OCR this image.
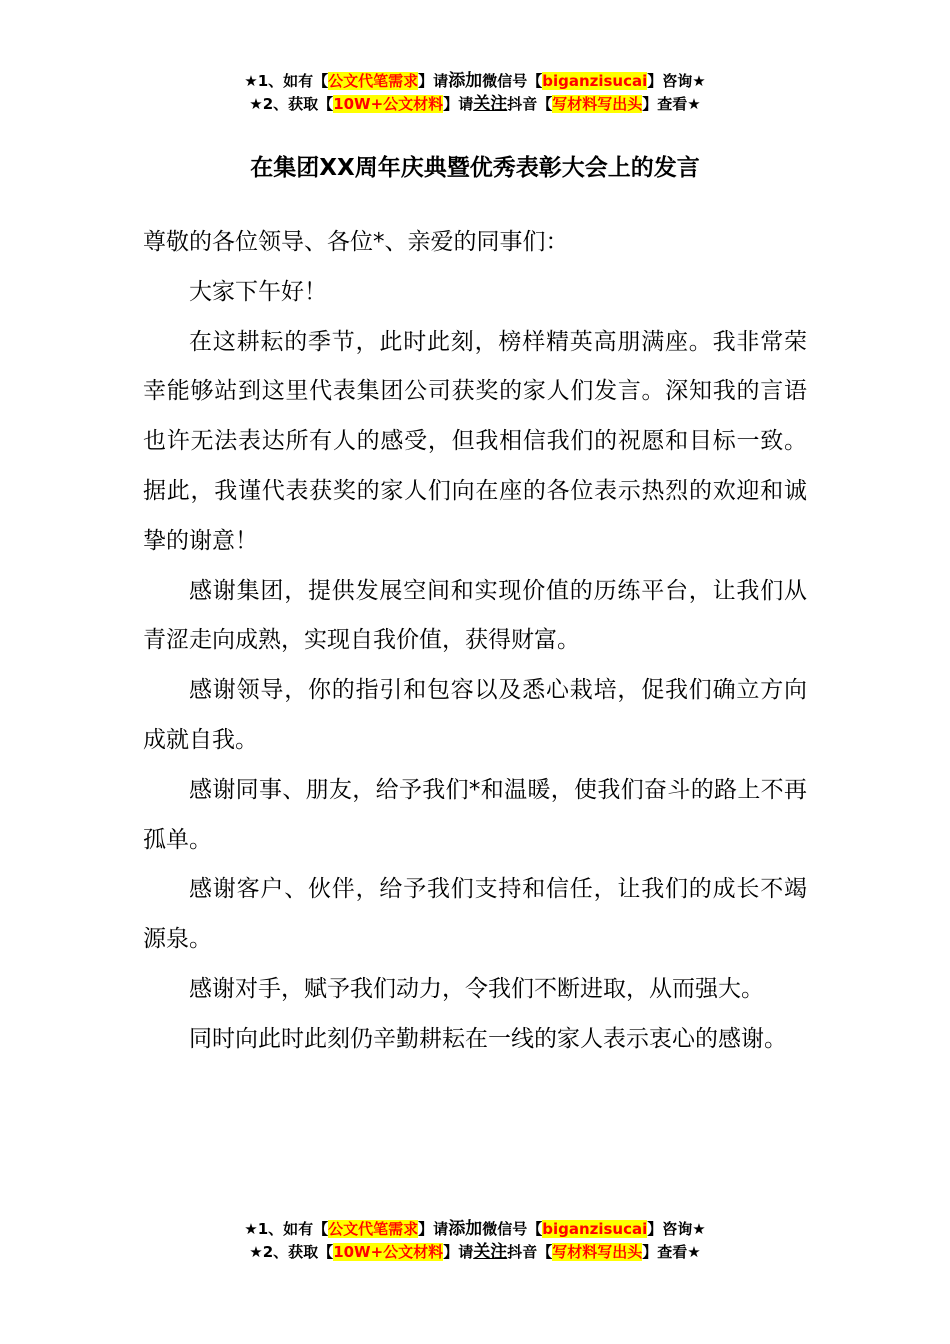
★1、如有【公文代笔需求】请添加微信号【biganzisucai】咨询★
★2、获取【10W+公文材料】请关注抖音【写材料写出头】查看★
在集团XX周年庆典暨优秀表彰大会上的发言

尊敬的各位领导、各位*、亲爱的同事们：

大家下午好！

在这耕耘的季节，此时此刻，榜样精英高朋满座。我非常荣幸能够站到这里代表集团公司获奖的家人们发言。深知我的言语也许无法表达所有人的感受，但我相信我们的祝愿和目标一致。据此，我谨代表获奖的家人们向在座的各位表示热烈的欢迎和诚挚的谢意！

感谢集团，提供发展空间和实现价值的历练平台，让我们从青涩走向成熟，实现自我价值，获得财富。

感谢领导，你的指引和包容以及悉心栽培，促我们确立方向成就自我。

感谢同事、朋友，给予我们*和温暖，使我们奋斗的路上不再孤单。

感谢客户、伙伴，给予我们支持和信任，让我们的成长不竭源泉。

感谢对手，赋予我们动力，令我们不断进取，从而强大。

同时向此时此刻仍辛勤耕耘在一线的家人表示衷心的感谢。

★1、如有【公文代笔需求】请添加微信号【biganzisucai】咨询★
★2、获取【10W+公文材料】请关注抖音【写材料写出头】查看★
